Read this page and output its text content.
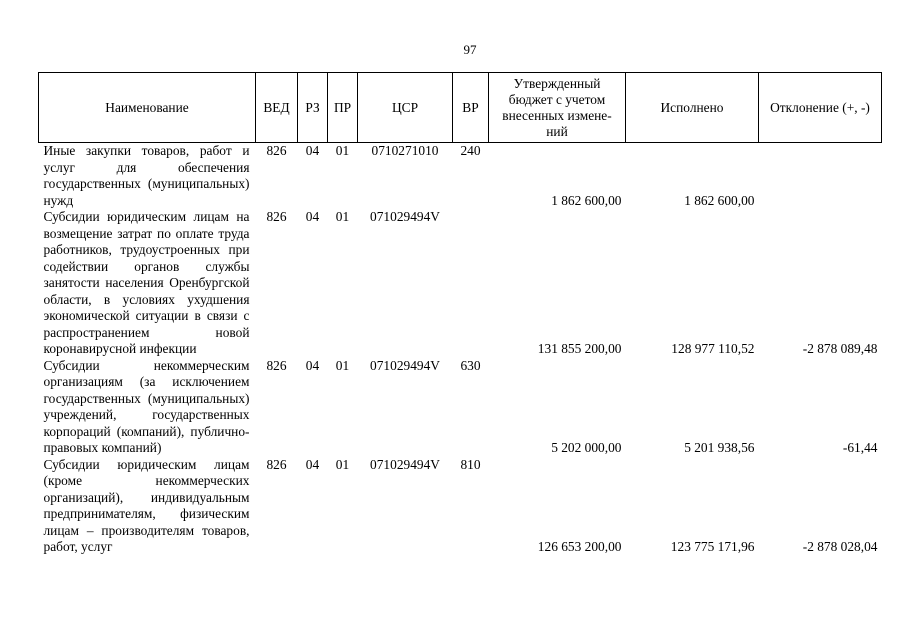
97
Наименование	ВЕД	РЗ	ПР	ЦСР	ВР	Утвержденный бюджет с учетом внесенных измене-ний	Исполнено	Отклонение (+, -)
Иные закупки товаров, работ и услуг для обеспечения государственных (муниципальных) нужд	826	04	01	0710271010	240	1 862 600,00	1 862 600,00	
Субсидии юридическим лицам на возмещение затрат по оплате труда работников, трудоустроенных при содействии органов службы занятости населения Оренбургской области, в условиях ухудшения экономической ситуации в связи с распространением новой коронавирусной инфекции	826	04	01	071029494V		131 855 200,00	128 977 110,52	-2 878 089,48
Субсидии некоммерческим организациям (за исключением государственных (муниципальных) учреждений, государственных корпораций (компаний), публично-правовых компаний)	826	04	01	071029494V	630	5 202 000,00	5 201 938,56	-61,44
Субсидии юридическим лицам (кроме некоммерческих организаций), индивидуальным предпринимателям, физическим лицам – производителям товаров, работ, услуг	826	04	01	071029494V	810	126 653 200,00	123 775 171,96	-2 878 028,04
